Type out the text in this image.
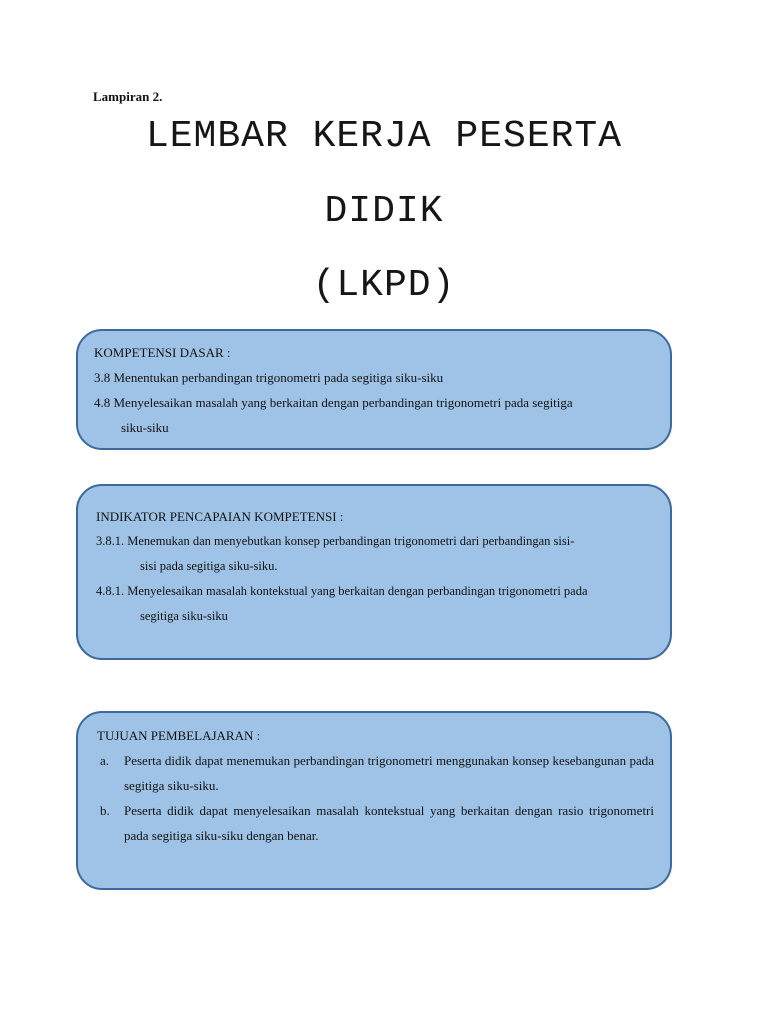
Lampiran 2.
LEMBAR KERJA PESERTA
DIDIK
(LKPD)
KOMPETENSI DASAR :
3.8 Menentukan perbandingan trigonometri pada segitiga siku-siku
4.8 Menyelesaikan masalah yang berkaitan dengan perbandingan trigonometri pada segitiga
siku-siku
INDIKATOR PENCAPAIAN KOMPETENSI :
3.8.1. Menemukan dan menyebutkan konsep perbandingan trigonometri dari perbandingan sisi-
sisi pada segitiga siku-siku.
4.8.1. Menyelesaikan masalah kontekstual yang berkaitan dengan perbandingan trigonometri pada
segitiga siku-siku
TUJUAN PEMBELAJARAN :
a.	Peserta didik dapat menemukan perbandingan trigonometri menggunakan konsep kesebangunan pada segitiga siku-siku.
b.	Peserta didik dapat menyelesaikan masalah kontekstual yang berkaitan dengan rasio trigonometri pada segitiga siku-siku dengan benar.
